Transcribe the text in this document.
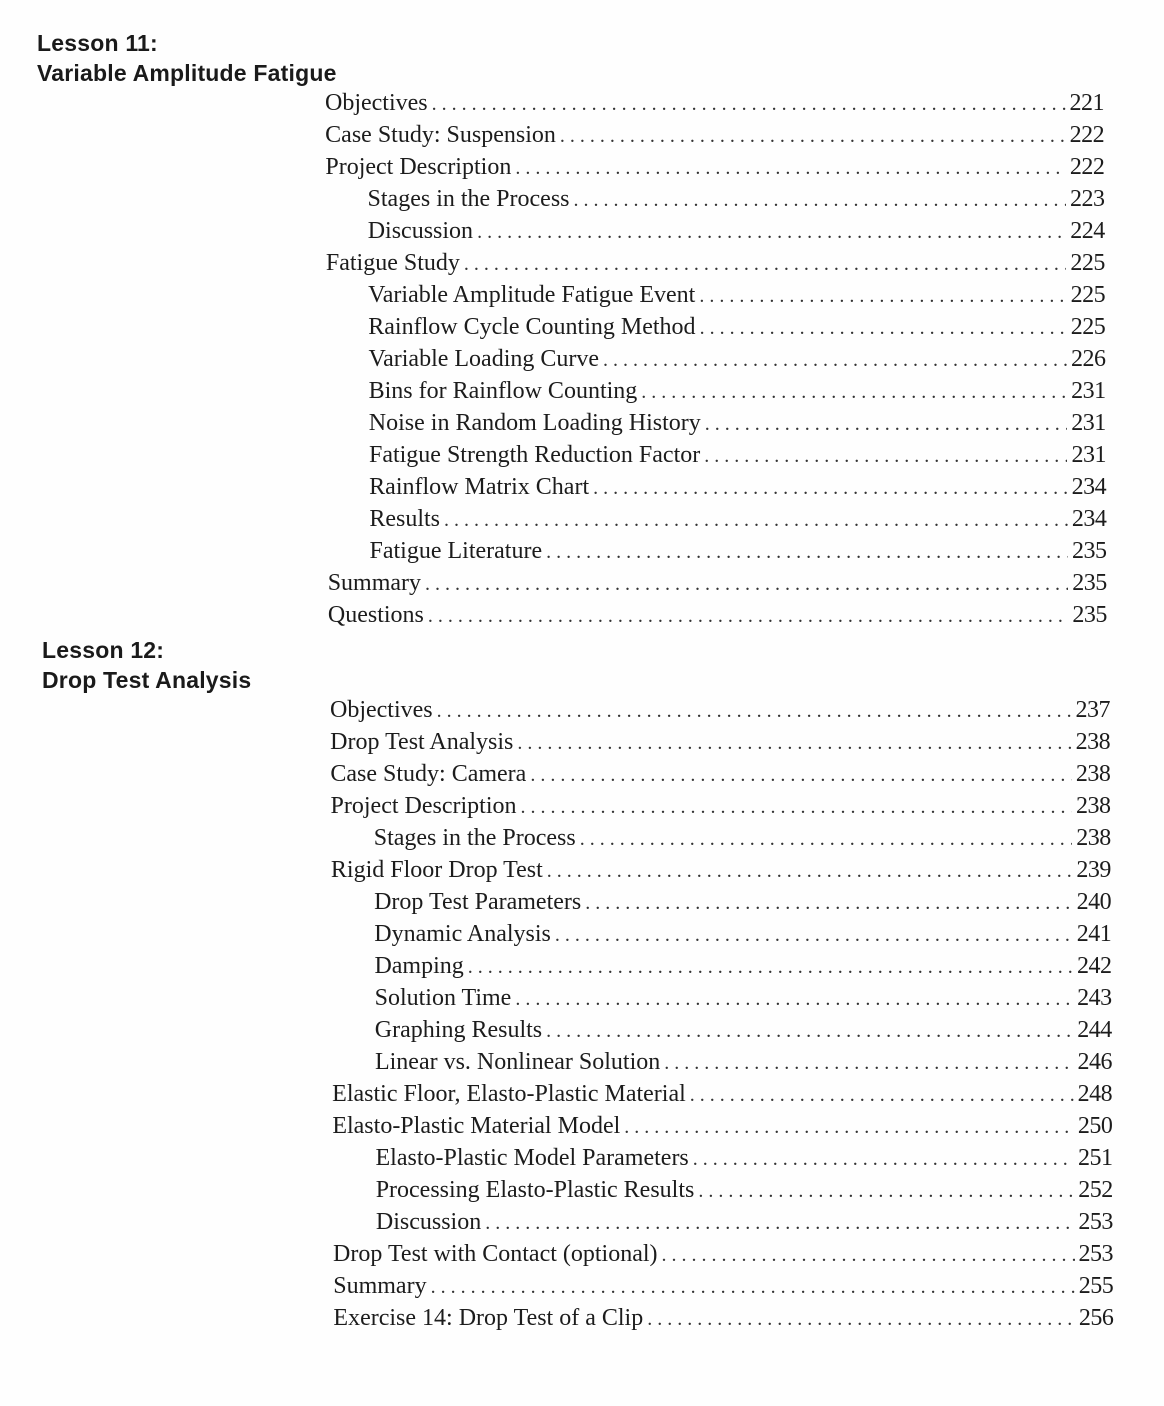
Lesson 11:
Variable Amplitude Fatigue
Objectives . . .	221
Case Study: Suspension . . .	222
Project Description . . .	222
Stages in the Process . . .	223
Discussion . . .	224
Fatigue Study . . .	225
Variable Amplitude Fatigue Event . . .	225
Rainflow Cycle Counting Method . . .	225
Variable Loading Curve . . .	226
Bins for Rainflow Counting . . .	231
Noise in Random Loading History . . .	231
Fatigue Strength Reduction Factor . . .	231
Rainflow Matrix Chart . . .	234
Results . . .	234
Fatigue Literature . . .	235
Summary . . .	235
Questions . . .	235
Lesson 12:
Drop Test Analysis
Objectives . . .	237
Drop Test Analysis . . .	238
Case Study: Camera . . .	238
Project Description . . .	238
Stages in the Process . . .	238
Rigid Floor Drop Test . . .	239
Drop Test Parameters . . .	240
Dynamic Analysis . . .	241
Damping . . .	242
Solution Time . . .	243
Graphing Results . . .	244
Linear vs. Nonlinear Solution . . .	246
Elastic Floor, Elasto-Plastic Material . . .	248
Elasto-Plastic Material Model . . .	250
Elasto-Plastic Model Parameters . . .	251
Processing Elasto-Plastic Results . . .	252
Discussion . . .	253
Drop Test with Contact (optional) . . .	253
Summary . . .	255
Exercise 14: Drop Test of a Clip . . .	256
